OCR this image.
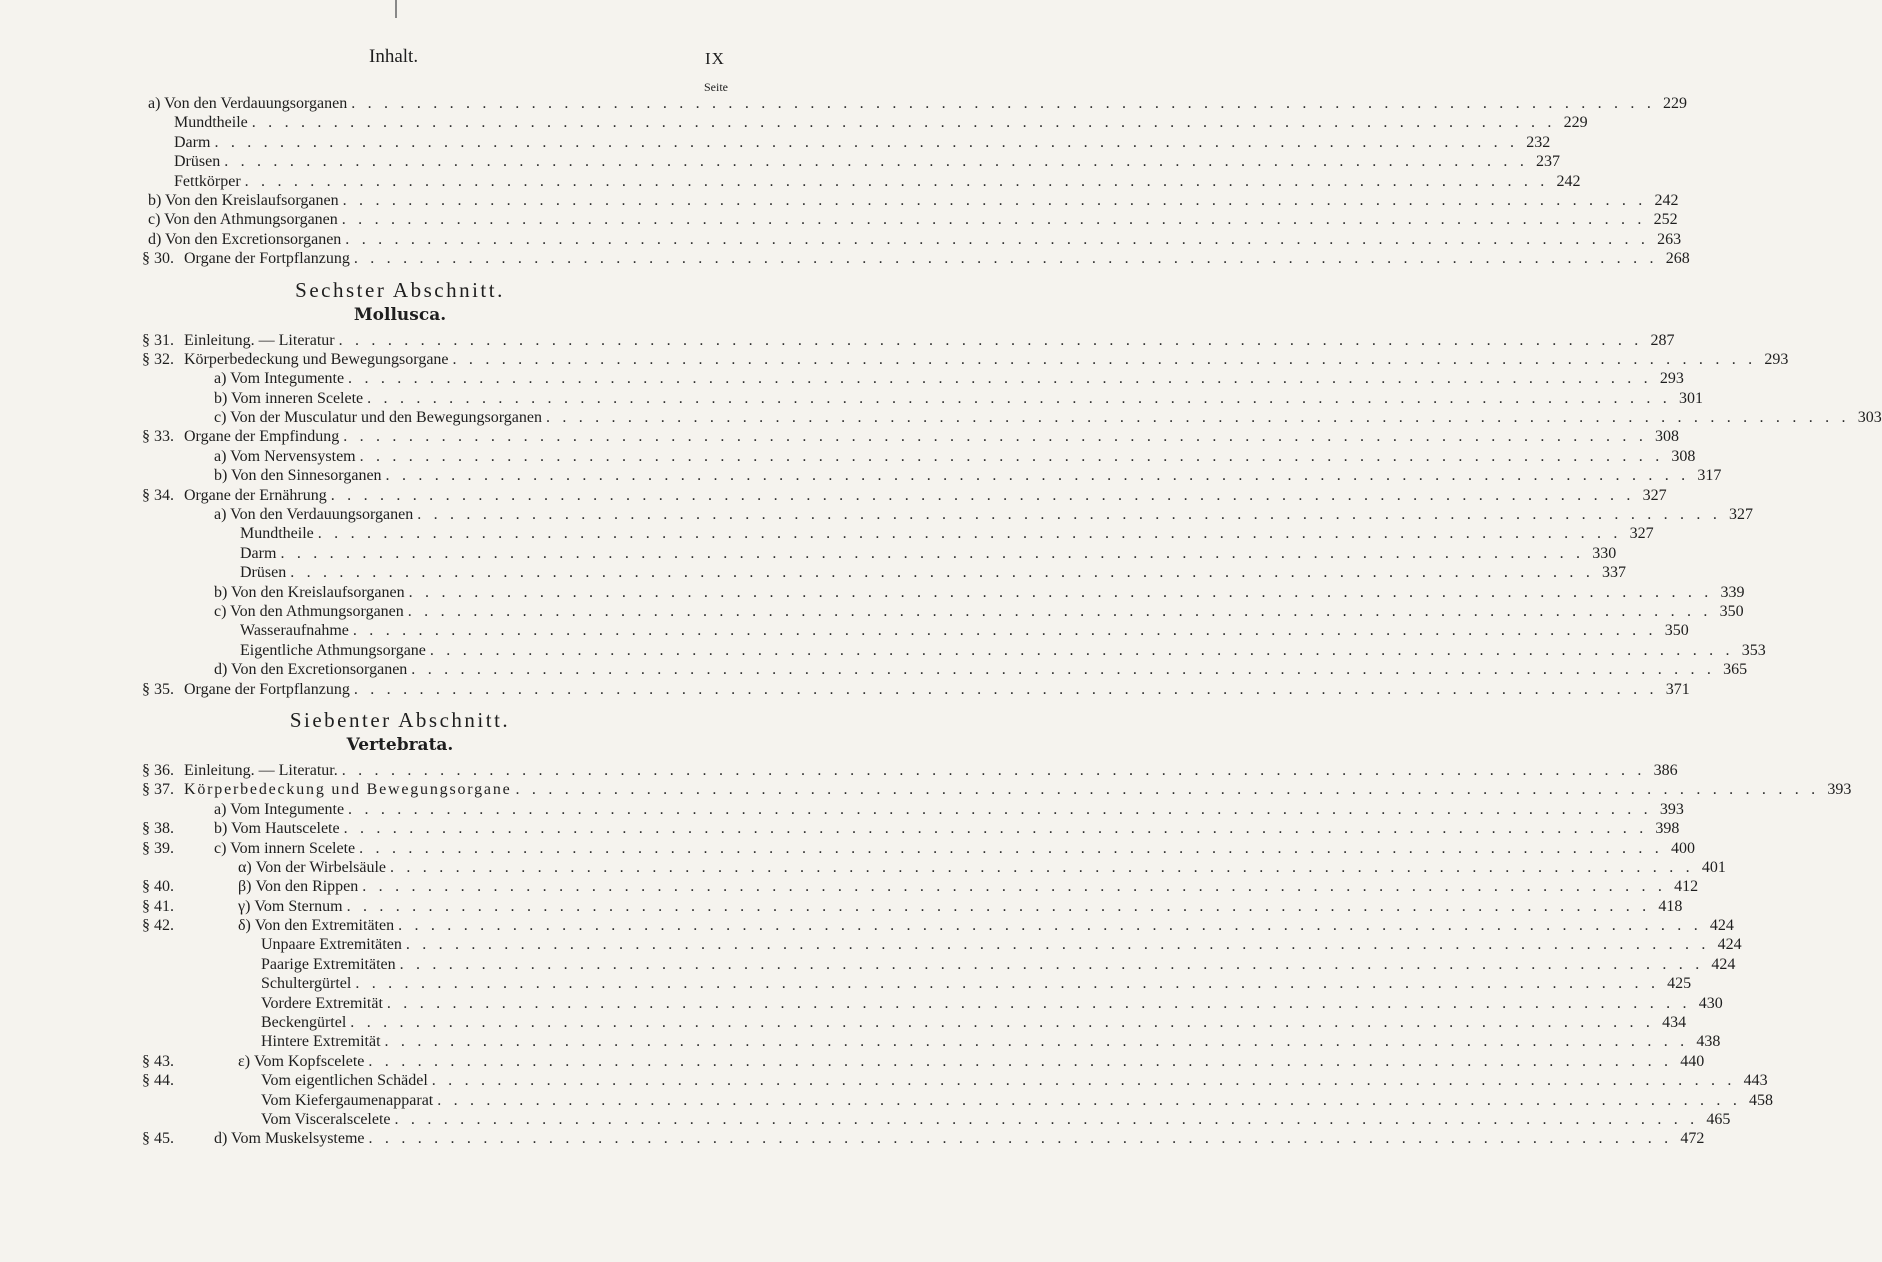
Inhalt.	IX
Seite
a) Von den Verdauungsorganen . . . . . . . . . . . . . . . . . . . . . . . . . . . . . . . . . . . . . . . . . . . . . . . . . . . . . . . . . . . . . . . . . . . . . . . . . . . . . . . . 229
Mundtheile . . . . . . . . . . . . . . . . . . . . . . . . . . . . . . . . . . . . . . . . . . . . . . . . . . . . . . . . . . . . . . . . . . . . . . . . . . . . . . . . 229
Darm . . . . . . . . . . . . . . . . . . . . . . . . . . . . . . . . . . . . . . . . . . . . . . . . . . . . . . . . . . . . . . . . . . . . . . . . . . . . . . . . 232
Drüsen . . . . . . . . . . . . . . . . . . . . . . . . . . . . . . . . . . . . . . . . . . . . . . . . . . . . . . . . . . . . . . . . . . . . . . . . . . . . . . . . 237
Fettkörper . . . . . . . . . . . . . . . . . . . . . . . . . . . . . . . . . . . . . . . . . . . . . . . . . . . . . . . . . . . . . . . . . . . . . . . . . . . . . . . . 242
b) Von den Kreislaufsorganen . . . . . . . . . . . . . . . . . . . . . . . . . . . . . . . . . . . . . . . . . . . . . . . . . . . . . . . . . . . . . . . . . . . . . . . . . . . . . . . . 242
c) Von den Athmungsorganen . . . . . . . . . . . . . . . . . . . . . . . . . . . . . . . . . . . . . . . . . . . . . . . . . . . . . . . . . . . . . . . . . . . . . . . . . . . . . . . . 252
d) Von den Excretionsorganen . . . . . . . . . . . . . . . . . . . . . . . . . . . . . . . . . . . . . . . . . . . . . . . . . . . . . . . . . . . . . . . . . . . . . . . . . . . . . . . . 263
§ 30. Organe der Fortpflanzung . . . . . . . . . . . . . . . . . . . . . . . . . . . . . . . . . . . . . . . . . . . . . . . . . . . . . . . . . . . . . . . . . . . . . . . . . . . . . . . . 268
Sechster Abschnitt.
Mollusca.
§ 31. Einleitung. — Literatur . . . . . . . . . . . . . . . . . . . . . . . . . . . . . . . . . . . . . . . . . . . . . . . . . . . . . . . . . . . . . . . . . . . . . . . . . . . . . . . . 287
§ 32. Körperbedeckung und Bewegungsorgane . . . . . . . . . . . . . . . . . . . . . . . . . . . . . . . . . . . . . . . . . . . . . . . . . . . . . . . . . . . . . . . . . . . . . . . . . . . . . . . . 293
a) Vom Integumente . . . . . . . . . . . . . . . . . . . . . . . . . . . . . . . . . . . . . . . . . . . . . . . . . . . . . . . . . . . . . . . . . . . . . . . . . . . . . . . . 293
b) Vom inneren Scelete . . . . . . . . . . . . . . . . . . . . . . . . . . . . . . . . . . . . . . . . . . . . . . . . . . . . . . . . . . . . . . . . . . . . . . . . . . . . . . . . 301
c) Von der Musculatur und den Bewegungsorganen . . . . . . . . . . . . . . . . . . . . . . . . . . . . . . . . . . . . . . . . . . . . . . . . . . . . . . . . . . . . . . . . . . . . . . . . . . . . . . . . 303
§ 33. Organe der Empfindung . . . . . . . . . . . . . . . . . . . . . . . . . . . . . . . . . . . . . . . . . . . . . . . . . . . . . . . . . . . . . . . . . . . . . . . . . . . . . . . . 308
a) Vom Nervensystem . . . . . . . . . . . . . . . . . . . . . . . . . . . . . . . . . . . . . . . . . . . . . . . . . . . . . . . . . . . . . . . . . . . . . . . . . . . . . . . . 308
b) Von den Sinnesorganen . . . . . . . . . . . . . . . . . . . . . . . . . . . . . . . . . . . . . . . . . . . . . . . . . . . . . . . . . . . . . . . . . . . . . . . . . . . . . . . . 317
§ 34. Organe der Ernährung . . . . . . . . . . . . . . . . . . . . . . . . . . . . . . . . . . . . . . . . . . . . . . . . . . . . . . . . . . . . . . . . . . . . . . . . . . . . . . . . 327
a) Von den Verdauungsorganen . . . . . . . . . . . . . . . . . . . . . . . . . . . . . . . . . . . . . . . . . . . . . . . . . . . . . . . . . . . . . . . . . . . . . . . . . . . . . . . . 327
Mundtheile . . . . . . . . . . . . . . . . . . . . . . . . . . . . . . . . . . . . . . . . . . . . . . . . . . . . . . . . . . . . . . . . . . . . . . . . . . . . . . . . 327
Darm . . . . . . . . . . . . . . . . . . . . . . . . . . . . . . . . . . . . . . . . . . . . . . . . . . . . . . . . . . . . . . . . . . . . . . . . . . . . . . . . 330
Drüsen . . . . . . . . . . . . . . . . . . . . . . . . . . . . . . . . . . . . . . . . . . . . . . . . . . . . . . . . . . . . . . . . . . . . . . . . . . . . . . . . 337
b) Von den Kreislaufsorganen . . . . . . . . . . . . . . . . . . . . . . . . . . . . . . . . . . . . . . . . . . . . . . . . . . . . . . . . . . . . . . . . . . . . . . . . . . . . . . . . 339
c) Von den Athmungsorganen . . . . . . . . . . . . . . . . . . . . . . . . . . . . . . . . . . . . . . . . . . . . . . . . . . . . . . . . . . . . . . . . . . . . . . . . . . . . . . . . 350
Wasseraufnahme . . . . . . . . . . . . . . . . . . . . . . . . . . . . . . . . . . . . . . . . . . . . . . . . . . . . . . . . . . . . . . . . . . . . . . . . . . . . . . . . 350
Eigentliche Athmungsorgane . . . . . . . . . . . . . . . . . . . . . . . . . . . . . . . . . . . . . . . . . . . . . . . . . . . . . . . . . . . . . . . . . . . . . . . . . . . . . . . . 353
d) Von den Excretionsorganen . . . . . . . . . . . . . . . . . . . . . . . . . . . . . . . . . . . . . . . . . . . . . . . . . . . . . . . . . . . . . . . . . . . . . . . . . . . . . . . . 365
§ 35. Organe der Fortpflanzung . . . . . . . . . . . . . . . . . . . . . . . . . . . . . . . . . . . . . . . . . . . . . . . . . . . . . . . . . . . . . . . . . . . . . . . . . . . . . . . . 371
Siebenter Abschnitt.
Vertebrata.
§ 36. Einleitung. — Literatur. . . . . . . . . . . . . . . . . . . . . . . . . . . . . . . . . . . . . . . . . . . . . . . . . . . . . . . . . . . . . . . . . . . . . . . . . . . . . . . . . 386
§ 37. Körperbedeckung und Bewegungsorgane . . . . . . . . . . . . . . . . . . . . . . . . . . . . . . . . . . . . . . . . . . . . . . . . . . . . . . . . . . . . . . . . . . . . . . . . . . . . . . . . 393
a) Vom Integumente . . . . . . . . . . . . . . . . . . . . . . . . . . . . . . . . . . . . . . . . . . . . . . . . . . . . . . . . . . . . . . . . . . . . . . . . . . . . . . . . 393
§ 38.	b) Vom Hautscelete . . . . . . . . . . . . . . . . . . . . . . . . . . . . . . . . . . . . . . . . . . . . . . . . . . . . . . . . . . . . . . . . . . . . . . . . . . . . . . . . 398
§ 39.	c) Vom innern Scelete . . . . . . . . . . . . . . . . . . . . . . . . . . . . . . . . . . . . . . . . . . . . . . . . . . . . . . . . . . . . . . . . . . . . . . . . . . . . . . . . 400
α) Von der Wirbelsäule . . . . . . . . . . . . . . . . . . . . . . . . . . . . . . . . . . . . . . . . . . . . . . . . . . . . . . . . . . . . . . . . . . . . . . . . . . . . . . . . 401
§ 40.	β) Von den Rippen . . . . . . . . . . . . . . . . . . . . . . . . . . . . . . . . . . . . . . . . . . . . . . . . . . . . . . . . . . . . . . . . . . . . . . . . . . . . . . . . 412
§ 41.	γ) Vom Sternum . . . . . . . . . . . . . . . . . . . . . . . . . . . . . . . . . . . . . . . . . . . . . . . . . . . . . . . . . . . . . . . . . . . . . . . . . . . . . . . . 418
§ 42.	δ) Von den Extremitäten . . . . . . . . . . . . . . . . . . . . . . . . . . . . . . . . . . . . . . . . . . . . . . . . . . . . . . . . . . . . . . . . . . . . . . . . . . . . . . . . 424
Unpaare Extremitäten . . . . . . . . . . . . . . . . . . . . . . . . . . . . . . . . . . . . . . . . . . . . . . . . . . . . . . . . . . . . . . . . . . . . . . . . . . . . . . . . 424
Paarige Extremitäten . . . . . . . . . . . . . . . . . . . . . . . . . . . . . . . . . . . . . . . . . . . . . . . . . . . . . . . . . . . . . . . . . . . . . . . . . . . . . . . . 424
Schultergürtel . . . . . . . . . . . . . . . . . . . . . . . . . . . . . . . . . . . . . . . . . . . . . . . . . . . . . . . . . . . . . . . . . . . . . . . . . . . . . . . . 425
Vordere Extremität . . . . . . . . . . . . . . . . . . . . . . . . . . . . . . . . . . . . . . . . . . . . . . . . . . . . . . . . . . . . . . . . . . . . . . . . . . . . . . . . 430
Beckengürtel . . . . . . . . . . . . . . . . . . . . . . . . . . . . . . . . . . . . . . . . . . . . . . . . . . . . . . . . . . . . . . . . . . . . . . . . . . . . . . . . 434
Hintere Extremität . . . . . . . . . . . . . . . . . . . . . . . . . . . . . . . . . . . . . . . . . . . . . . . . . . . . . . . . . . . . . . . . . . . . . . . . . . . . . . . . 438
§ 43.	ε) Vom Kopfscelete . . . . . . . . . . . . . . . . . . . . . . . . . . . . . . . . . . . . . . . . . . . . . . . . . . . . . . . . . . . . . . . . . . . . . . . . . . . . . . . . 440
§ 44.	Vom eigentlichen Schädel . . . . . . . . . . . . . . . . . . . . . . . . . . . . . . . . . . . . . . . . . . . . . . . . . . . . . . . . . . . . . . . . . . . . . . . . . . . . . . . . 443
Vom Kiefergaumenapparat . . . . . . . . . . . . . . . . . . . . . . . . . . . . . . . . . . . . . . . . . . . . . . . . . . . . . . . . . . . . . . . . . . . . . . . . . . . . . . . . 458
Vom Visceralscelete . . . . . . . . . . . . . . . . . . . . . . . . . . . . . . . . . . . . . . . . . . . . . . . . . . . . . . . . . . . . . . . . . . . . . . . . . . . . . . . . 465
§ 45.	d) Vom Muskelsysteme . . . . . . . . . . . . . . . . . . . . . . . . . . . . . . . . . . . . . . . . . . . . . . . . . . . . . . . . . . . . . . . . . . . . . . . . . . . . . . . . 472
